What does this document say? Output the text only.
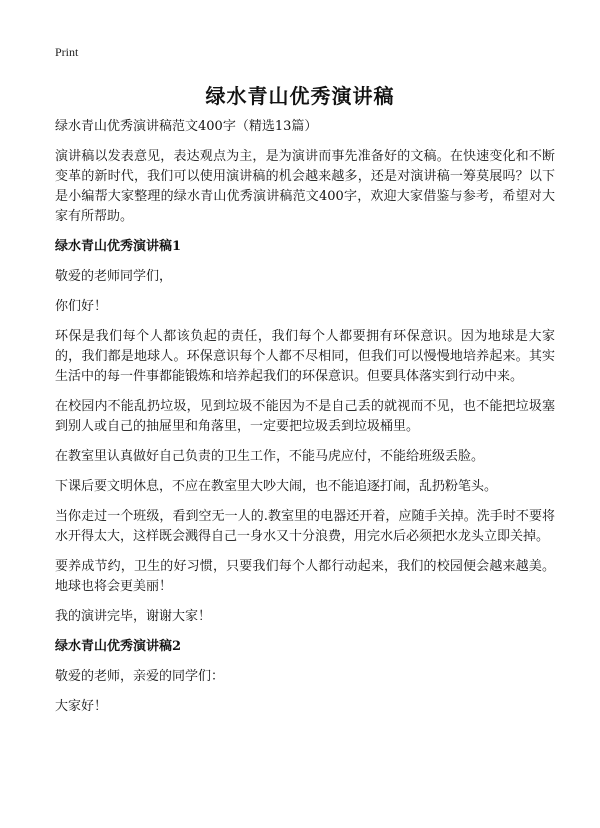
Print
绿水青山优秀演讲稿

绿水青山优秀演讲稿范文400字（精选13篇）

演讲稿以发表意见，表达观点为主，是为演讲而事先准备好的文稿。在快速变化和不断变革的新时代，我们可以使用演讲稿的机会越来越多，还是对演讲稿一筹莫展吗？以下是小编帮大家整理的绿水青山优秀演讲稿范文400字，欢迎大家借鉴与参考，希望对大家有所帮助。

绿水青山优秀演讲稿1

敬爱的老师同学们，

你们好！

环保是我们每个人都该负起的责任，我们每个人都要拥有环保意识。因为地球是大家的，我们都是地球人。环保意识每个人都不尽相同，但我们可以慢慢地培养起来。其实生活中的每一件事都能锻炼和培养起我们的环保意识。但要具体落实到行动中来。

在校园内不能乱扔垃圾，见到垃圾不能因为不是自己丢的就视而不见，也不能把垃圾塞到别人或自己的抽屉里和角落里，一定要把垃圾丢到垃圾桶里。

在教室里认真做好自己负责的卫生工作，不能马虎应付，不能给班级丢脸。

下课后要文明休息，不应在教室里大吵大闹，也不能追逐打闹，乱扔粉笔头。

当你走过一个班级，看到空无一人的.教室里的电器还开着，应随手关掉。洗手时不要将水开得太大，这样既会溅得自己一身水又十分浪费，用完水后必须把水龙头立即关掉。

要养成节约，卫生的好习惯，只要我们每个人都行动起来，我们的校园便会越来越美。地球也将会更美丽！

我的演讲完毕，谢谢大家！

绿水青山优秀演讲稿2

敬爱的老师，亲爱的同学们：

大家好！
